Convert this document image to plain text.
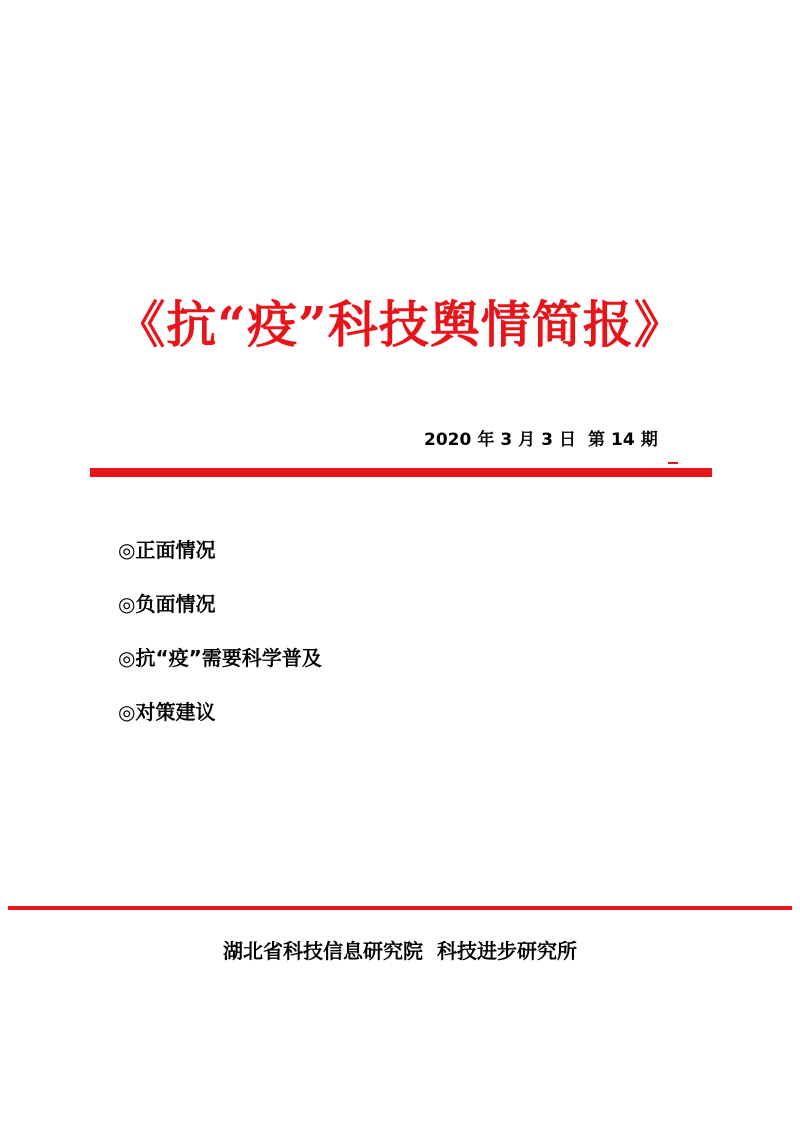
《抗“疫”科技舆情简报》
2020 年 3 月 3 日 第 14 期
◎正面情况
◎负面情况
◎抗“疫”需要科学普及
◎对策建议
湖北省科技信息研究院 科技进步研究所
